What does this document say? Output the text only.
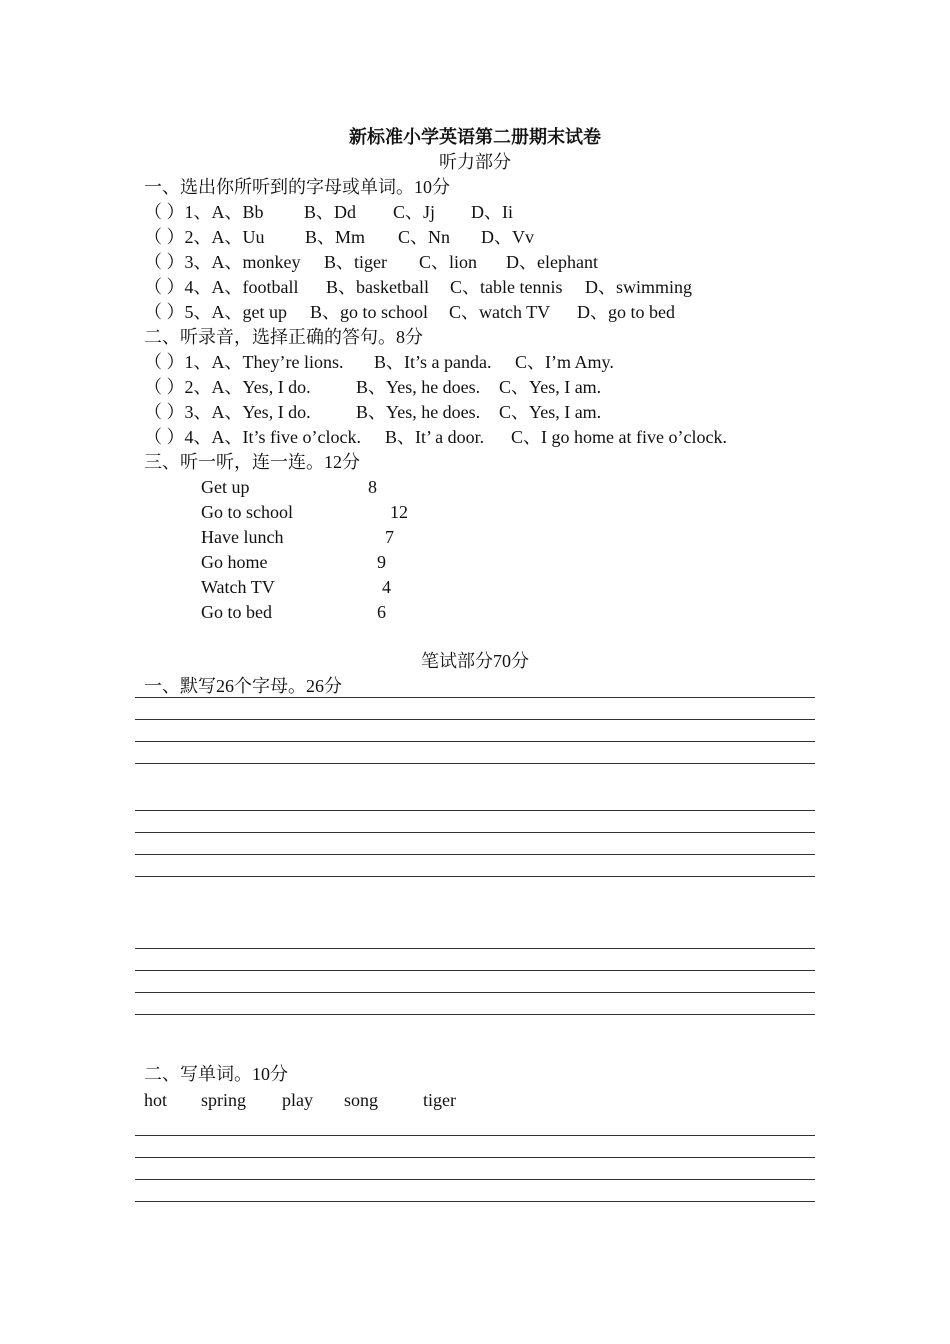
新标准小学英语第二册期末试卷
听力部分
一、选出你所听到的字母或单词。10分
（ ）1、A、Bb B、Dd C、Jj D、Ii
（ ）2、A、Uu B、Mm C、Nn D、Vv
（ ）3、A、monkey B、tiger C、lion D、elephant
（ ）4、A、football B、basketball C、table tennis D、swimming
（ ）5、A、get up B、go to school C、watch TV D、go to bed
二、听录音，选择正确的答句。8分
（ ）1、A、They’re lions. B、It’s a panda. C、I’m Amy.
（ ）2、A、Yes, I do.	B、Yes, he does. C、Yes, I am.
（ ）3、A、Yes, I do.	B、Yes, he does. C、Yes, I am.
（ ）4、A、It’s five o’clock. B、It’ a door. C、I go home at five o’clock.
三、听一听，连一连。12分
Get up	8
Go to school	12
Have lunch	7
Go home	9
Watch TV	4
Go to bed	6
笔试部分70分
一、默写26个字母。26分
二、写单词。10分
hot spring play song tiger
